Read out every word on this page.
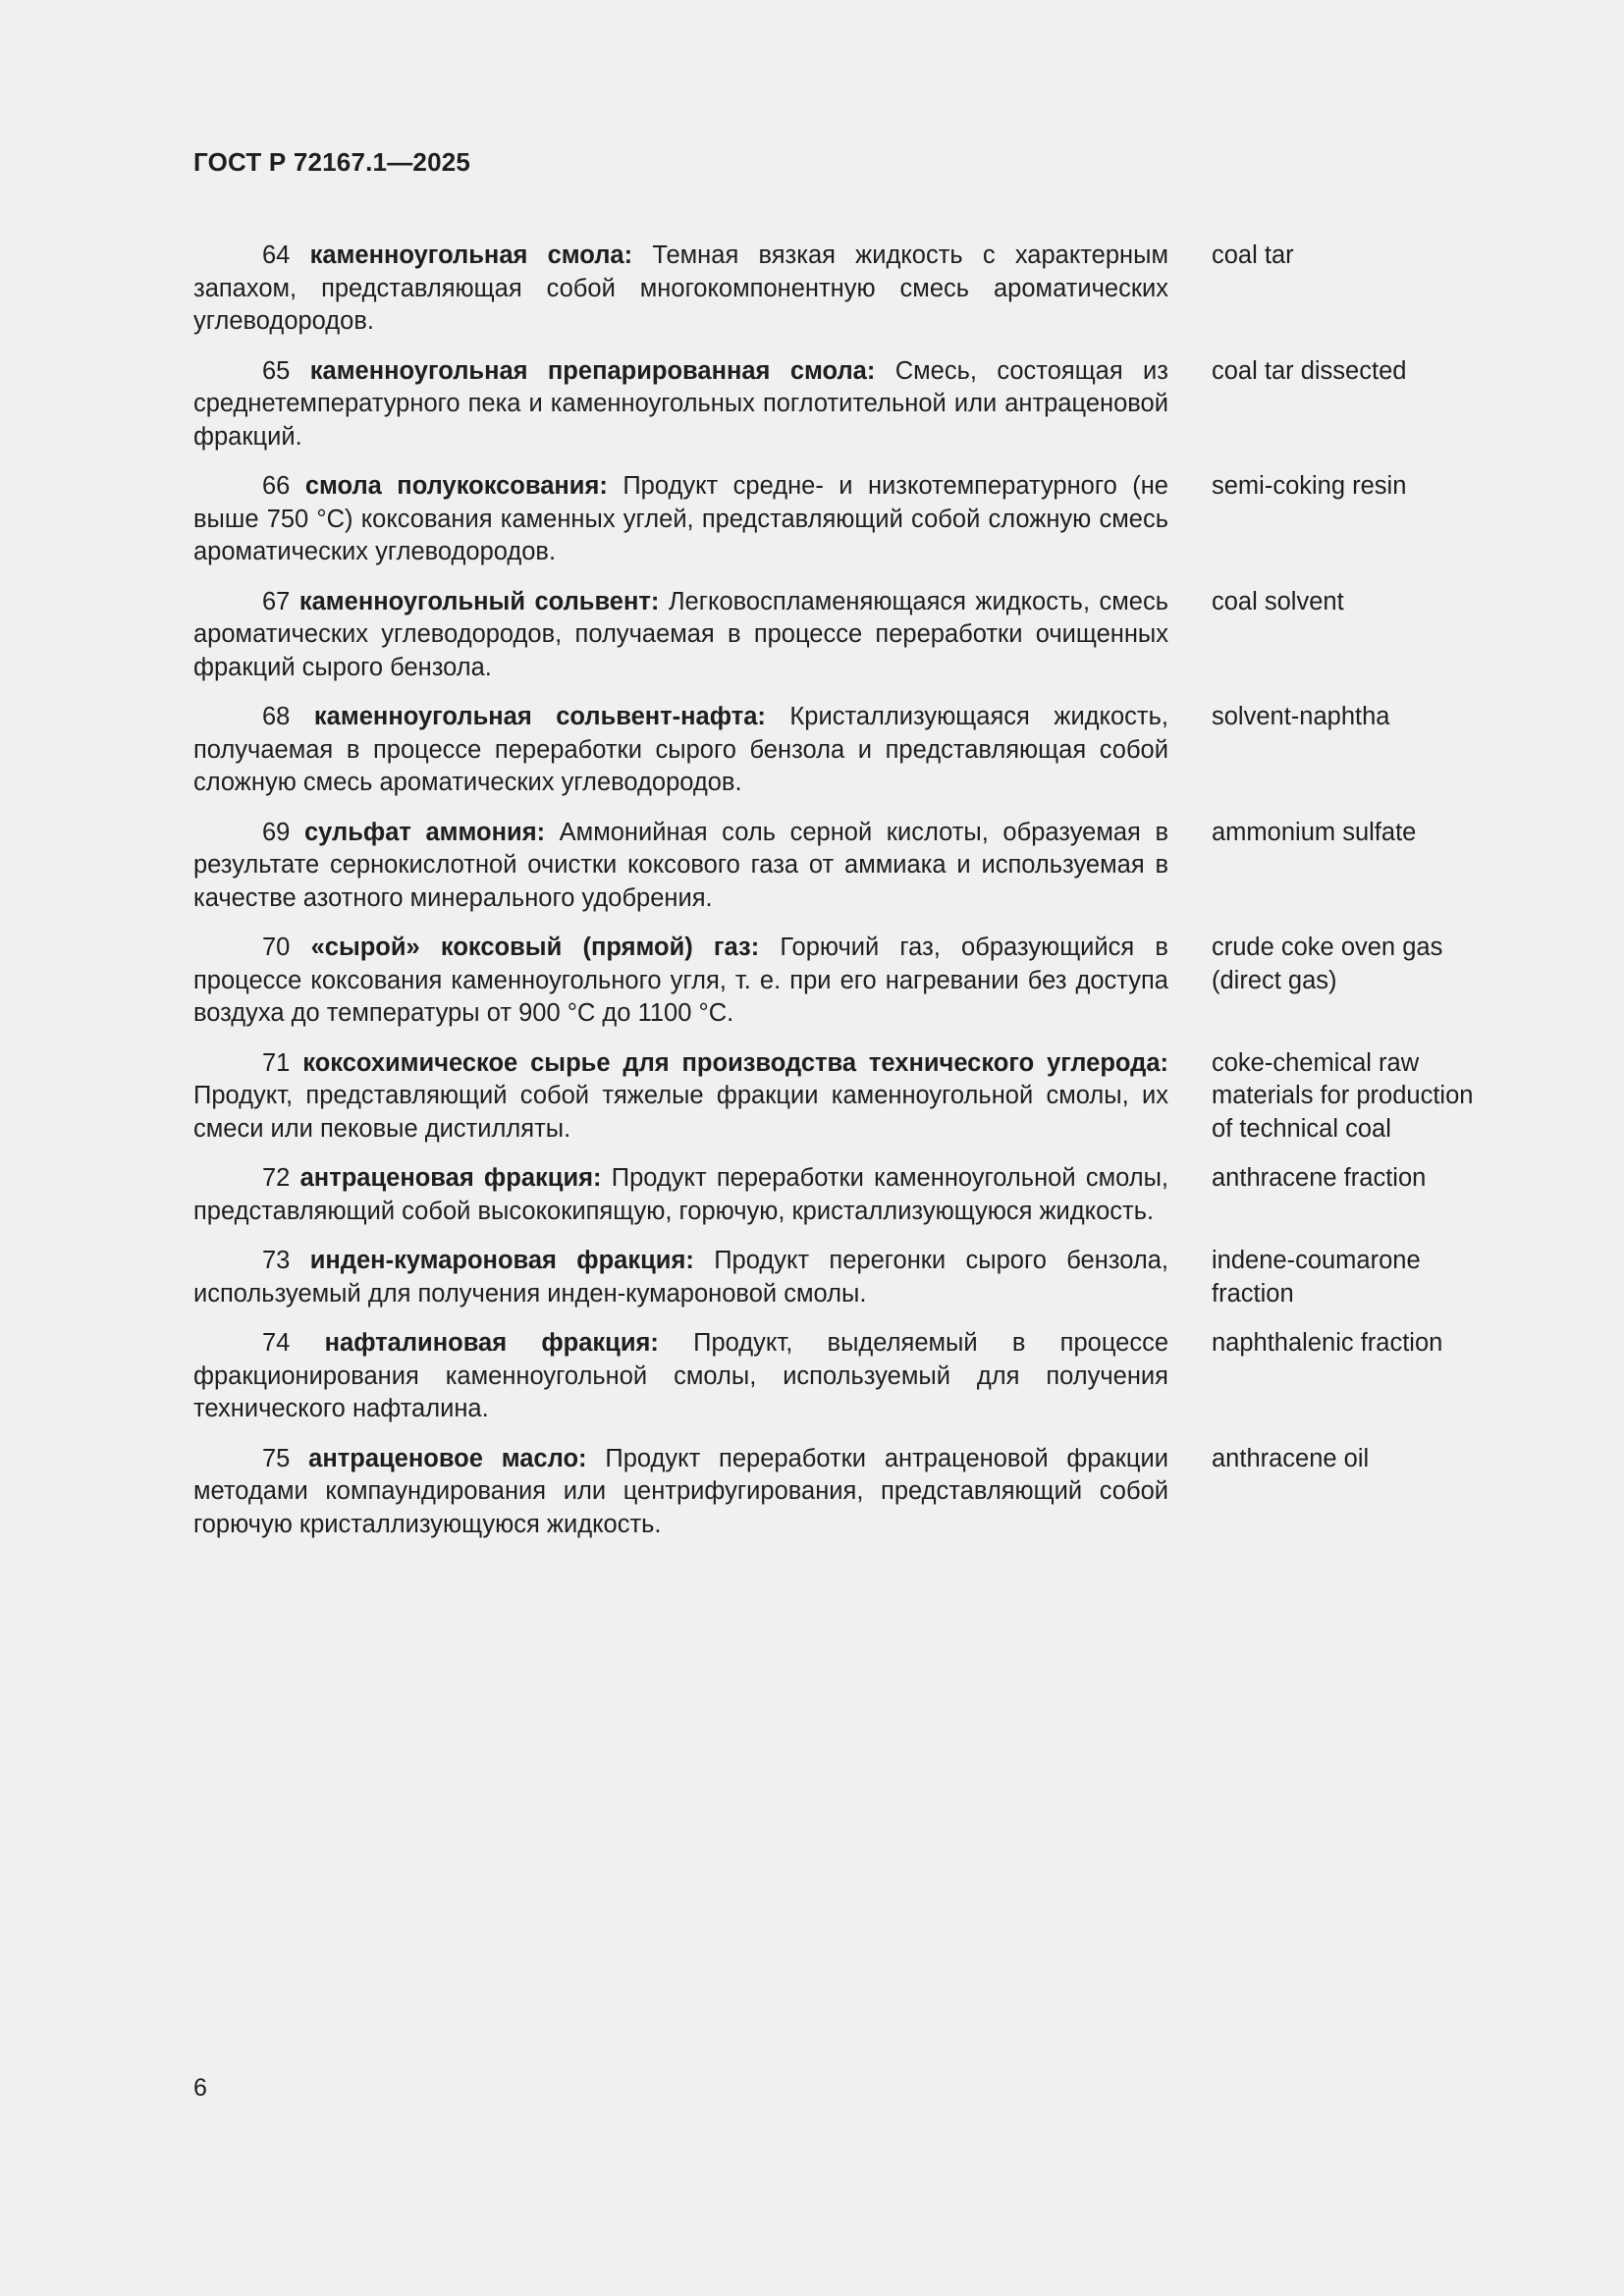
ГОСТ Р 72167.1—2025
64 каменноугольная смола: Темная вязкая жидкость с характерным запахом, представляющая собой многокомпонентную смесь ароматических углеводородов.
coal tar
65 каменноугольная препарированная смола: Смесь, состоящая из среднетемпературного пека и каменноугольных поглотительной или антраценовой фракций.
coal tar dissected
66 смола полукоксования: Продукт средне- и низкотемпературного (не выше 750 °С) коксования каменных углей, представляющий собой сложную смесь ароматических углеводородов.
semi-coking resin
67 каменноугольный сольвент: Легковоспламеняющаяся жидкость, смесь ароматических углеводородов, получаемая в процессе переработки очищенных фракций сырого бензола.
coal solvent
68 каменноугольная сольвент-нафта: Кристаллизующаяся жидкость, получаемая в процессе переработки сырого бензола и представляющая собой сложную смесь ароматических углеводородов.
solvent-naphtha
69 сульфат аммония: Аммонийная соль серной кислоты, образуемая в результате сернокислотной очистки коксового газа от аммиака и используемая в качестве азотного минерального удобрения.
ammonium sulfate
70 «сырой» коксовый (прямой) газ: Горючий газ, образующийся в процессе коксования каменноугольного угля, т. е. при его нагревании без доступа воздуха до температуры от 900 °С до 1100 °С.
crude coke oven gas
(direct gas)
71 коксохимическое сырье для производства технического углерода: Продукт, представляющий собой тяжелые фракции каменноугольной смолы, их смеси или пековые дистилляты.
coke-chemical raw
materials for production
of technical coal
72 антраценовая фракция: Продукт переработки каменноугольной смолы, представляющий собой высококипящую, горючую, кристаллизующуюся жидкость.
anthracene fraction
73 инден-кумароновая фракция: Продукт перегонки сырого бензола, используемый для получения инден-кумароновой смолы.
indene-coumarone
fraction
74 нафталиновая фракция: Продукт, выделяемый в процессе фракционирования каменноугольной смолы, используемый для получения технического нафталина.
naphthalenic fraction
75 антраценовое масло: Продукт переработки антраценовой фракции методами компаундирования или центрифугирования, представляющий собой горючую кристаллизующуюся жидкость.
anthracene oil
6
